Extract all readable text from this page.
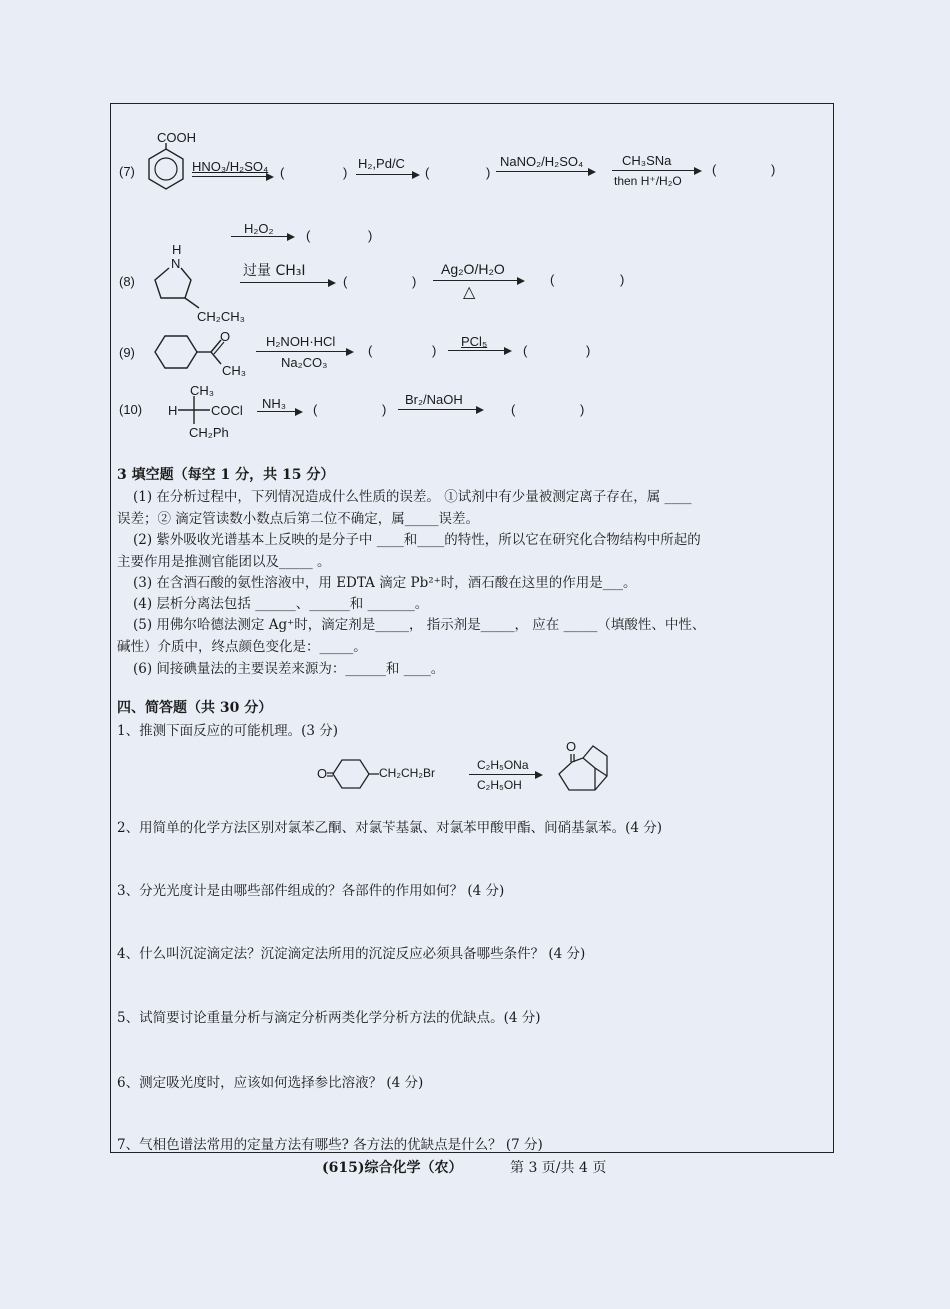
(7)
COOH
HNO₃/H₂SO₄ (	)
H₂,Pd/C
→ (	)
NaNO₂/H₂SO₄	CH₃SNa
then H⁺/H₂O
(	)
H₂O₂ → (	)
(8)
H
N
CH₂CH₃
过量 CH₃I
(	)
Ag₂O/H₂O
△
(	)
(9)
O
CH₃
H₂NOH·HCl
Na₂CO₃
(	)
PCl₅
→ (	)
(10)
CH₃
H	COCl
CH₂Ph
NH₃ → (	)
Br₂/NaOH
(	)
3 填空题（每空 1 分，共 15 分）
(1) 在分析过程中，下列情况造成什么性质的误差。 ①试剂中有少量被测定离子存在，属 ____
误差；② 滴定管读数小数点后第二位不确定，属_____误差。
(2) 紫外吸收光谱基本上反映的是分子中 ____和____的特性，所以它在研究化合物结构中所起的
主要作用是推测官能团以及_____ 。
(3) 在含酒石酸的氨性溶液中，用 EDTA 滴定 Pb²⁺时，酒石酸在这里的作用是___。
(4) 层析分离法包括 ______、______和 _______。
(5) 用佛尔哈德法测定 Ag⁺时，滴定剂是_____， 指示剂是_____， 应在 _____（填酸性、中性、
碱性）介质中，终点颜色变化是：_____。
(6) 间接碘量法的主要误差来源为：______和 ____。
四、简答题（共 30 分）
1、推测下面反应的可能机理。(3 分)
O	CH₂CH₂Br
C₂H₅ONa
C₂H₅OH
O
2、用简单的化学方法区别对氯苯乙酮、对氯苄基氯、对氯苯甲酸甲酯、间硝基氯苯。(4 分)
3、分光光度计是由哪些部件组成的？各部件的作用如何？ (4 分)
4、什么叫沉淀滴定法？沉淀滴定法所用的沉淀反应必须具备哪些条件？ (4 分)
5、试简要讨论重量分析与滴定分析两类化学分析方法的优缺点。(4 分)
6、测定吸光度时，应该如何选择参比溶液？ (4 分)
7、气相色谱法常用的定量方法有哪些? 各方法的优缺点是什么？ (7 分)
(615)综合化学（农）	第 3 页/共 4 页
